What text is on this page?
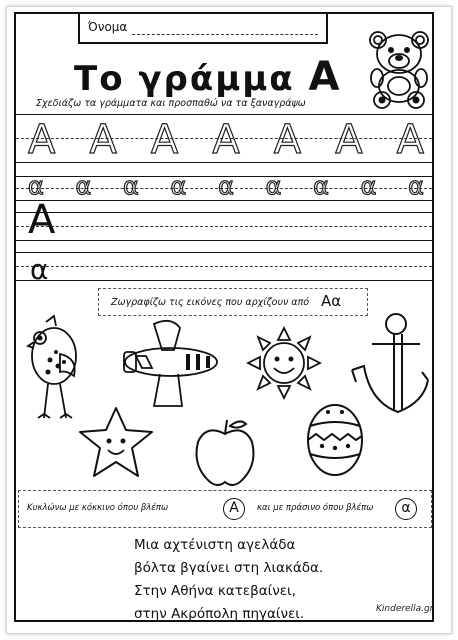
Όνομα
Το γράμμα Α
Σχεδιάζω τα γράμματα και προσπαθώ να τα ξαναγράψω
Α Α Α Α Α Α Α
α α α α α α α α α
Α
α
Ζωγραφίζω τις εικόνες που αρχίζουν από Αα
Κυκλώνω με κόκκινο όπου βλέπω	Α	και με πράσινο όπου βλέπω	α
Μια αχτένιστη αγελάδα
βόλτα βγαίνει στη λιακάδα.
Στην Αθήνα κατεβαίνει,
στην Ακρόπολη πηγαίνει.	Kinderella.gr
